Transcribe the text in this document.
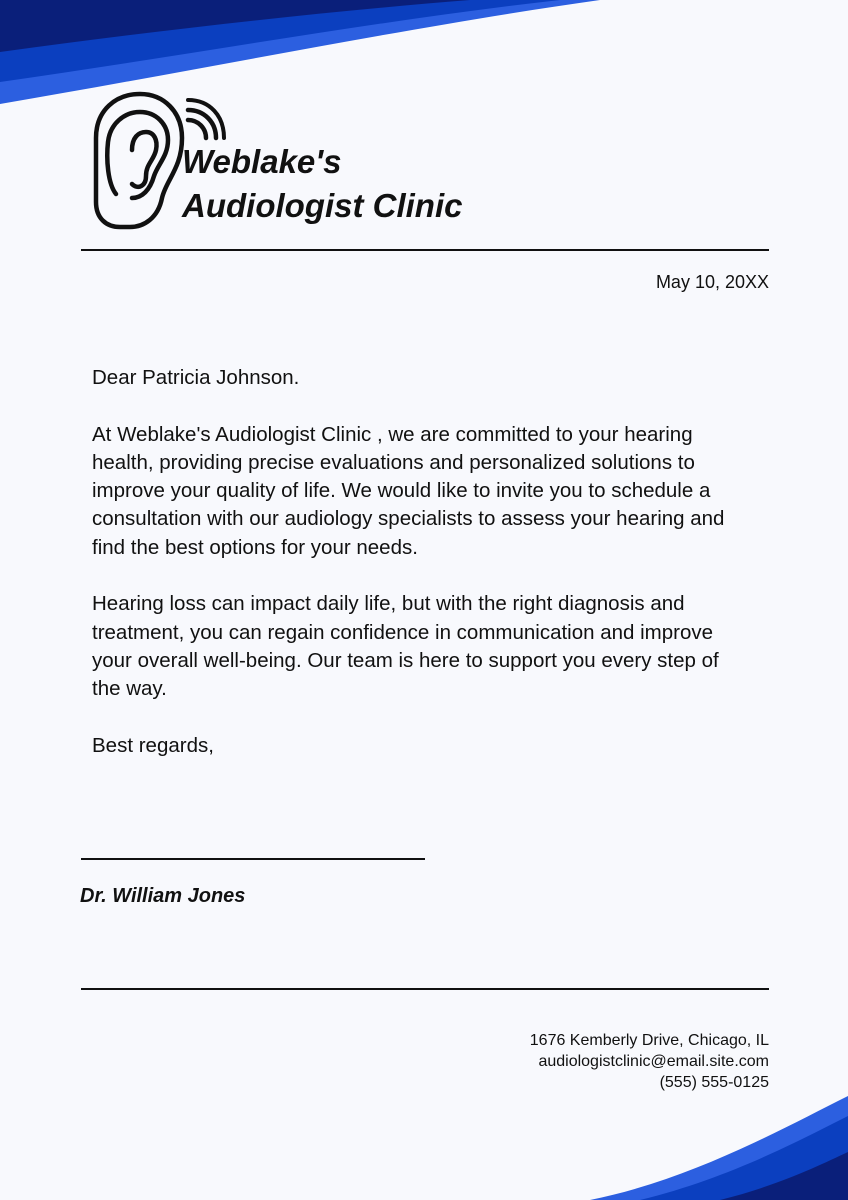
Weblake's
Audiologist Clinic
May 10, 20XX

Dear Patricia Johnson.

At Weblake's Audiologist Clinic , we are committed to your hearing health, providing precise evaluations and personalized solutions to improve your quality of life. We would like to invite you to schedule a consultation with our audiology specialists to assess your hearing and find the best options for your needs.

Hearing loss can impact daily life, but with the right diagnosis and treatment, you can regain confidence in communication and improve your overall well-being. Our team is here to support you every step of the way.

Best regards,

Dr. William Jones
1676 Kemberly Drive, Chicago, IL
audiologistclinic@email.site.com
(555) 555-0125
